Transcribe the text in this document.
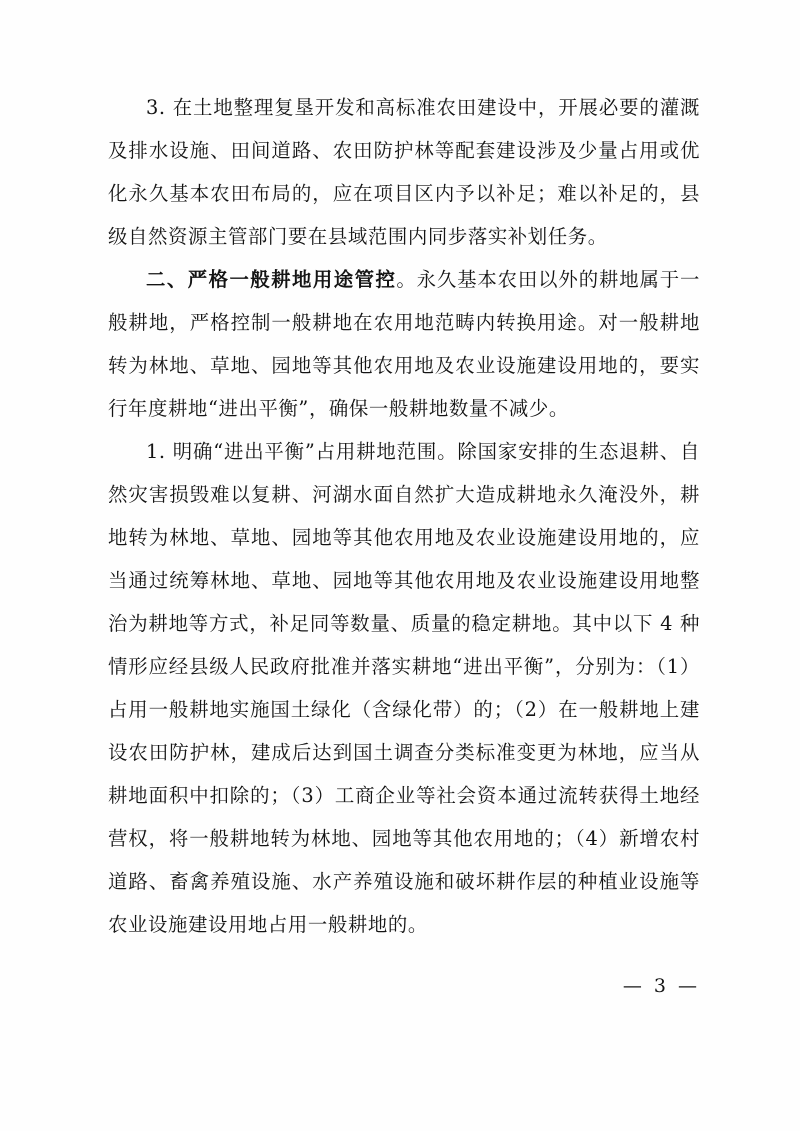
3. 在土地整理复垦开发和高标准农田建设中，开展必要的灌溉及排水设施、田间道路、农田防护林等配套建设涉及少量占用或优化永久基本农田布局的，应在项目区内予以补足；难以补足的，县级自然资源主管部门要在县域范围内同步落实补划任务。

二、严格一般耕地用途管控。永久基本农田以外的耕地属于一般耕地，严格控制一般耕地在农用地范畴内转换用途。对一般耕地转为林地、草地、园地等其他农用地及农业设施建设用地的，要实行年度耕地“进出平衡”，确保一般耕地数量不减少。

1. 明确“进出平衡”占用耕地范围。除国家安排的生态退耕、自然灾害损毁难以复耕、河湖水面自然扩大造成耕地永久淹没外，耕地转为林地、草地、园地等其他农用地及农业设施建设用地的，应当通过统筹林地、草地、园地等其他农用地及农业设施建设用地整治为耕地等方式，补足同等数量、质量的稳定耕地。其中以下 4 种情形应经县级人民政府批准并落实耕地“进出平衡”，分别为：（1）占用一般耕地实施国土绿化（含绿化带）的；（2）在一般耕地上建设农田防护林，建成后达到国土调查分类标准变更为林地，应当从耕地面积中扣除的；（3）工商企业等社会资本通过流转获得土地经营权，将一般耕地转为林地、园地等其他农用地的；（4）新增农村道路、畜禽养殖设施、水产养殖设施和破坏耕作层的种植业设施等农业设施建设用地占用一般耕地的。

— 3 —
